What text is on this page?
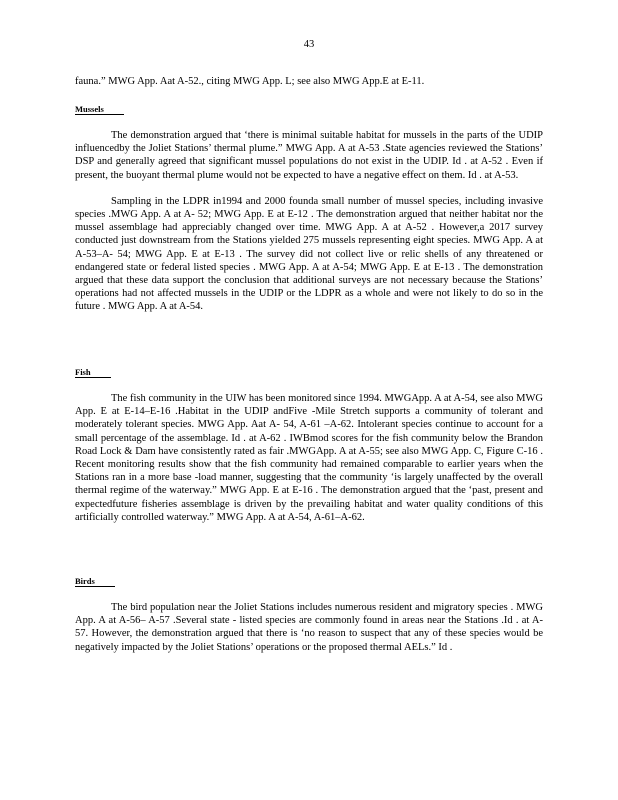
43
fauna.” MWG App. Aat A-52., citing MWG App. L; see also MWG App.E at E-11.
Mussels

The demonstration argued that ‘there is minimal suitable habitat for mussels in the parts of the UDIP influencedby the Joliet Stations’ thermal plume.” MWG App. A at A-53 .State agencies reviewed the Stations’ DSP and generally agreed that significant mussel populations do not exist in the UDIP. Id . at A-52 . Even if present, the buoyant thermal plume would not be expected to have a negative effect on them. Id . at A-53.

Sampling in the LDPR in1994 and 2000 founda small number of mussel species, including invasive species .MWG App. A at A- 52; MWG App. E at E-12 . The demonstration argued that neither habitat nor the mussel assemblage had appreciably changed over time. MWG App. A at A-52 . However,a 2017 survey conducted just downstream from the Stations yielded 275 mussels representing eight species. MWG App. A at A-53–A- 54; MWG App. E at E-13 . The survey did not collect live or relic shells of any threatened or endangered state or federal listed species . MWG App. A at A-54; MWG App. E at E-13 . The demonstration argued that these data support the conclusion that additional surveys are not necessary because the Stations’ operations had not affected mussels in the UDIP or the LDPR as a whole and were not likely to do so in the future . MWG App. A at A-54.

Fish

The fish community in the UIW has been monitored since 1994. MWGApp. A at A-54, see also MWG App. E at E-14–E-16 .Habitat in the UDIP andFive -Mile Stretch supports a community of tolerant and moderately tolerant species. MWG App. Aat A- 54, A-61 –A-62. Intolerant species continue to account for a small percentage of the assemblage. Id . at A-62 . IWBmod scores for the fish community below the Brandon Road Lock & Dam have consistently rated as fair .MWGApp. A at A-55; see also MWG App. C, Figure C-16 . Recent monitoring results show that the fish community had remained comparable to earlier years when the Stations ran in a more base -load manner, suggesting that the community ‘is largely unaffected by the overall thermal regime of the waterway.” MWG App. E at E-16 . The demonstration argued that the ‘past, present and expectedfuture fisheries assemblage is driven by the prevailing habitat and water quality conditions of this artificially controlled waterway.” MWG App. A at A-54, A-61–A-62.

Birds

The bird population near the Joliet Stations includes numerous resident and migratory species . MWG App. A at A-56– A-57 .Several state - listed species are commonly found in areas near the Stations .Id . at A-57. However, the demonstration argued that there is ‘no reason to suspect that any of these species would be negatively impacted by the Joliet Stations’ operations or the proposed thermal AELs.” Id .
